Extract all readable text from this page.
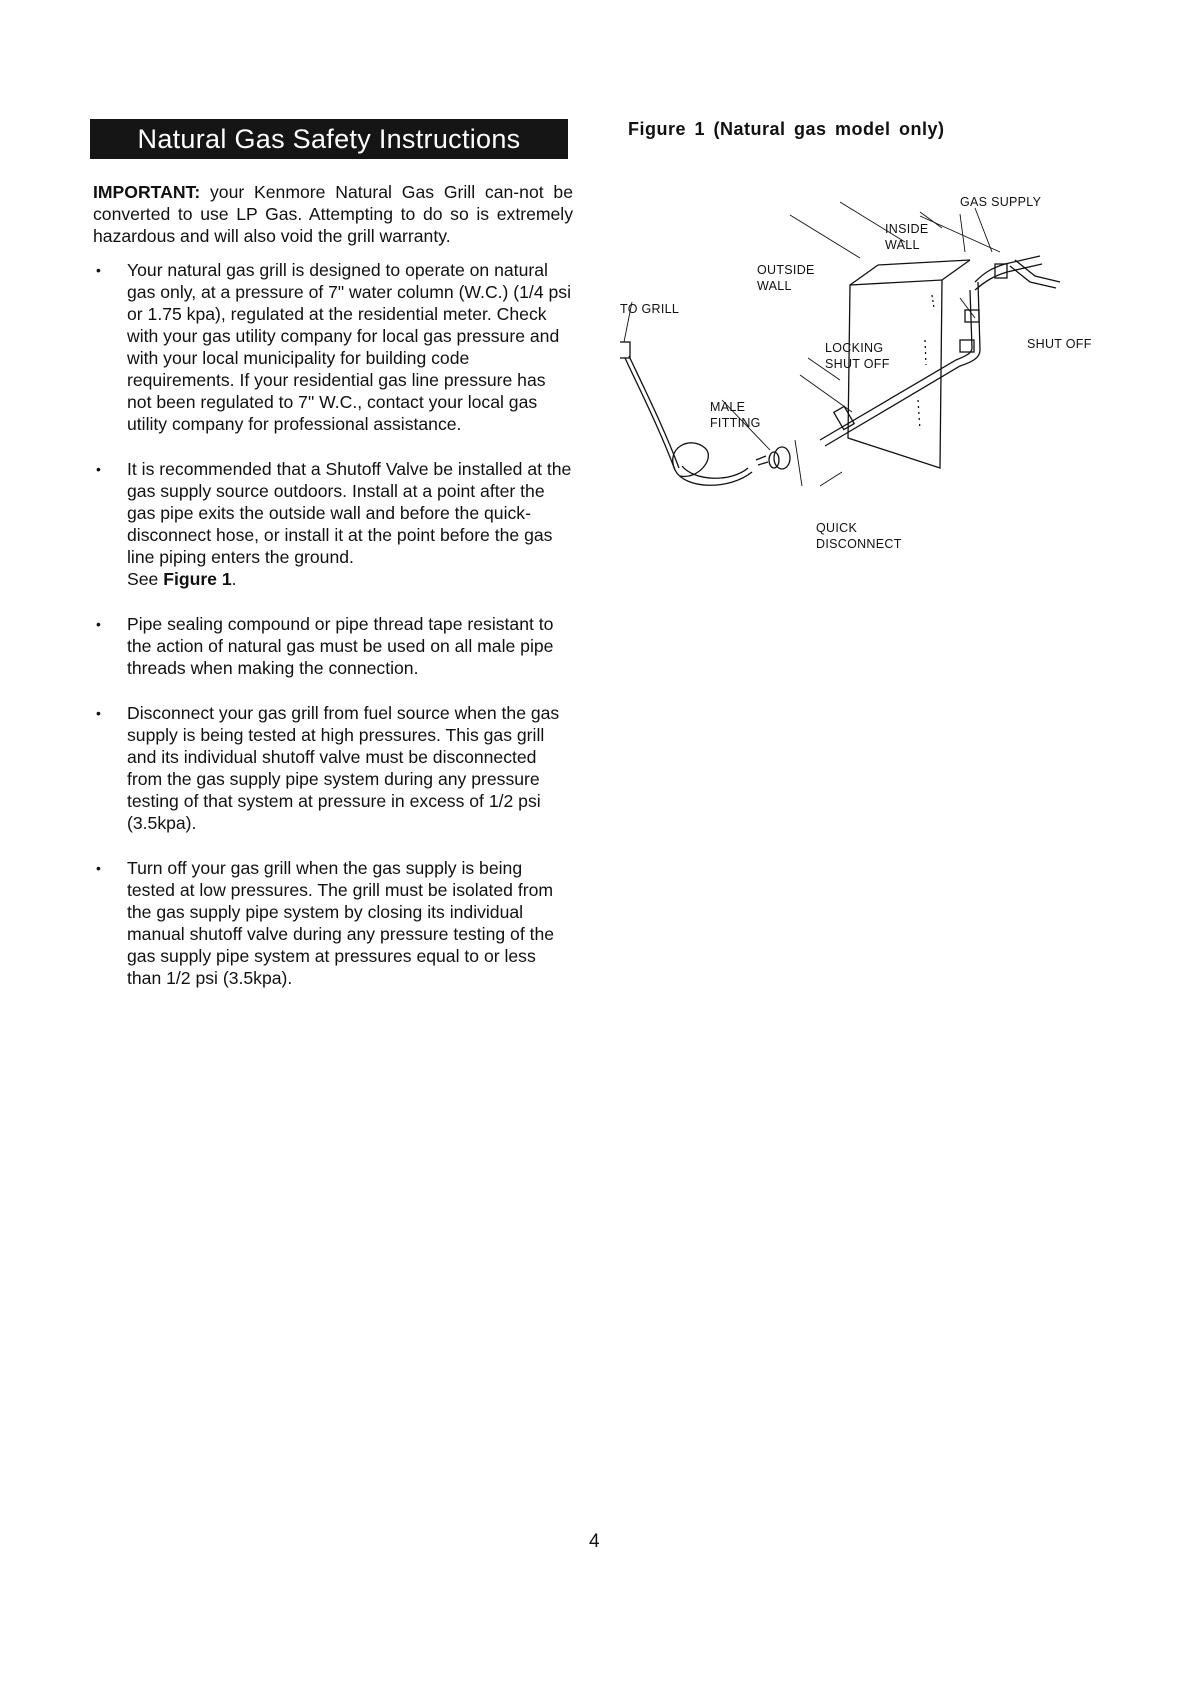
Natural Gas Safety Instructions	Figure 1 (Natural gas model only)

IMPORTANT: your Kenmore Natural Gas Grill can-not be converted to use LP Gas. Attempting to do so is extremely hazardous and will also void the grill warranty.

• Your natural gas grill is designed to operate on natural gas only, at a pressure of 7" water column (W.C.) (1/4 psi or 1.75 kpa), regulated at the residential meter. Check with your gas utility company for local gas pressure and with your local municipality for building code requirements. If your residential gas line pressure has not been regulated to 7" W.C., contact your local gas utility company for professional assistance.
• It is recommended that a Shutoff Valve be installed at the gas supply source outdoors. Install at a point after the gas pipe exits the outside wall and before the quick-disconnect hose, or install it at the point before the gas line piping enters the ground.
See Figure 1.
• Pipe sealing compound or pipe thread tape resistant to the action of natural gas must be used on all male pipe threads when making the connection.
• Disconnect your gas grill from fuel source when the gas supply is being tested at high pressures. This gas grill and its individual shutoff valve must be disconnected from the gas supply pipe system during any pressure testing of that system at pressure in excess of 1/2 psi (3.5kpa).
• Turn off your gas grill when the gas supply is being tested at low pressures. The grill must be isolated from the gas supply pipe system by closing its individual manual shutoff valve during any pressure testing of the gas supply pipe system at pressures equal to or less than 1/2 psi (3.5kpa).
GAS SUPPLY
INSIDE
WALL
OUTSIDE
WALL
TO GRILL
SHUT OFF
LOCKING
SHUT OFF
MALE
FITTING
QUICK
DISCONNECT
4
